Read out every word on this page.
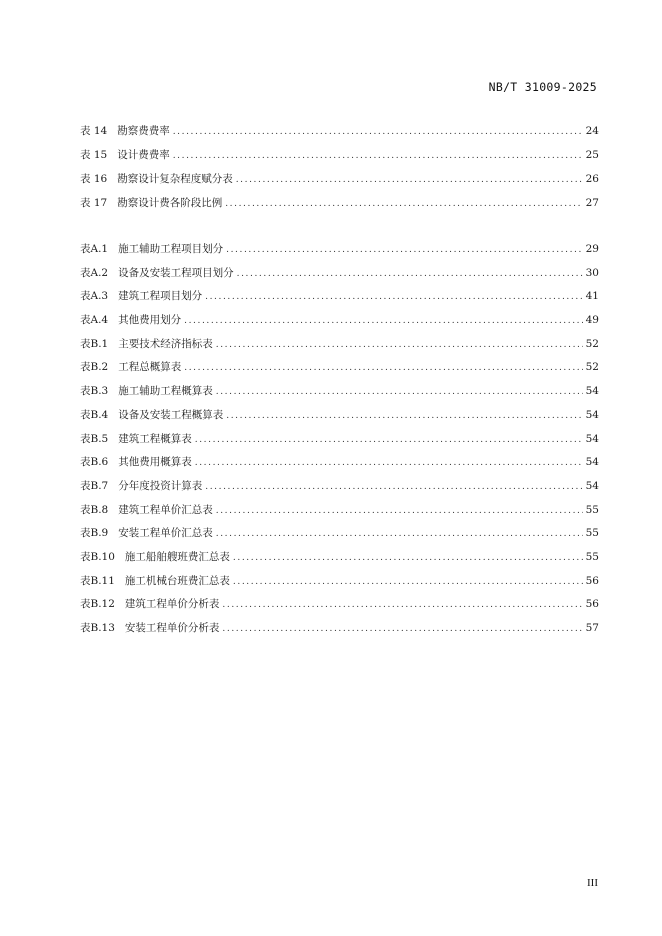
NB/T 31009-2025
表 14 勘察费费率 .....	24
表 15 设计费费率 .....	25
表 16 勘察设计复杂程度赋分表 .....	26
表 17 勘察设计费各阶段比例 .....	27
表A.1 施工辅助工程项目划分 .....	29
表A.2 设备及安装工程项目划分 .....	30
表A.3 建筑工程项目划分 .....	41
表A.4 其他费用划分 .....	49
表B.1 主要技术经济指标表 .....	52
表B.2 工程总概算表 .....	52
表B.3 施工辅助工程概算表 .....	54
表B.4 设备及安装工程概算表 .....	54
表B.5 建筑工程概算表 .....	54
表B.6 其他费用概算表 .....	54
表B.7 分年度投资计算表 .....	54
表B.8 建筑工程单价汇总表 .....	55
表B.9 安装工程单价汇总表 .....	55
表B.10 施工船舶艘班费汇总表 .....	55
表B.11 施工机械台班费汇总表 .....	56
表B.12 建筑工程单价分析表 .....	56
表B.13 安装工程单价分析表 .....	57
III
